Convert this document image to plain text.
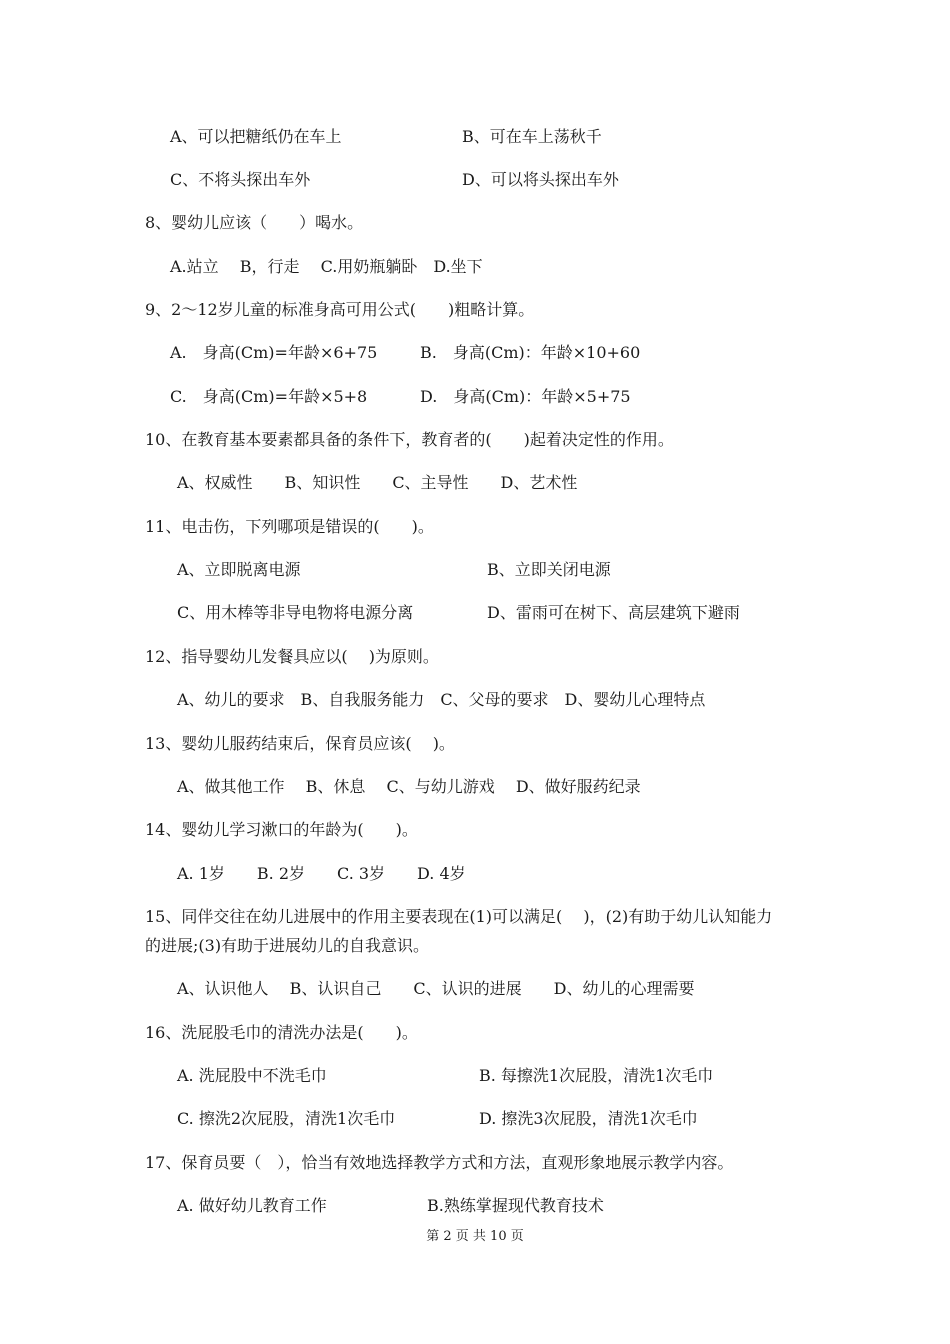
A、可以把糖纸仍在车上	B、可在车上荡秋千
C、不将头探出车外	D、可以将头探出车外
8、婴幼儿应该（　　）喝水。
A.站立　 B，行走　 C.用奶瓶躺卧　D.坐下
9、2～12岁儿童的标准身高可用公式(　　)粗略计算。
A.　身高(Cm)=年龄×6+75	B.　身高(Cm)：年龄×10+60
C.　身高(Cm)=年龄×5+8	D.　身高(Cm)：年龄×5+75
10、在教育基本要素都具备的条件下，教育者的(　　)起着决定性的作用。
A、权威性　　B、知识性　　C、主导性　　D、艺术性
11、电击伤，下列哪项是错误的(　　)。
A、立即脱离电源	B、立即关闭电源
C、用木棒等非导电物将电源分离	D、雷雨可在树下、高层建筑下避雨
12、指导婴幼儿发餐具应以(　 )为原则。
A、幼儿的要求　B、自我服务能力　C、父母的要求　D、婴幼儿心理特点
13、婴幼儿服药结束后，保育员应该(　 )。
A、做其他工作　 B、休息　 C、与幼儿游戏　 D、做好服药纪录
14、婴幼儿学习漱口的年龄为(　　)。
A. 1岁　　B. 2岁　　C. 3岁　　D. 4岁
15、同伴交往在幼儿进展中的作用主要表现在(1)可以满足(　 )，(2)有助于幼儿认知能力
的进展;(3)有助于进展幼儿的自我意识。
A、认识他人　 B、认识自己　　C、认识的进展　　D、幼儿的心理需要
16、洗屁股毛巾的清洗办法是(　　)。
A. 洗屁股中不洗毛巾	B. 每擦洗1次屁股，清洗1次毛巾
C. 擦洗2次屁股，清洗1次毛巾	D. 擦洗3次屁股，清洗1次毛巾
17、保育员要（　），恰当有效地选择教学方式和方法，直观形象地展示教学内容。
A. 做好幼儿教育工作	B.熟练掌握现代教育技术
第 2 页 共 10 页
